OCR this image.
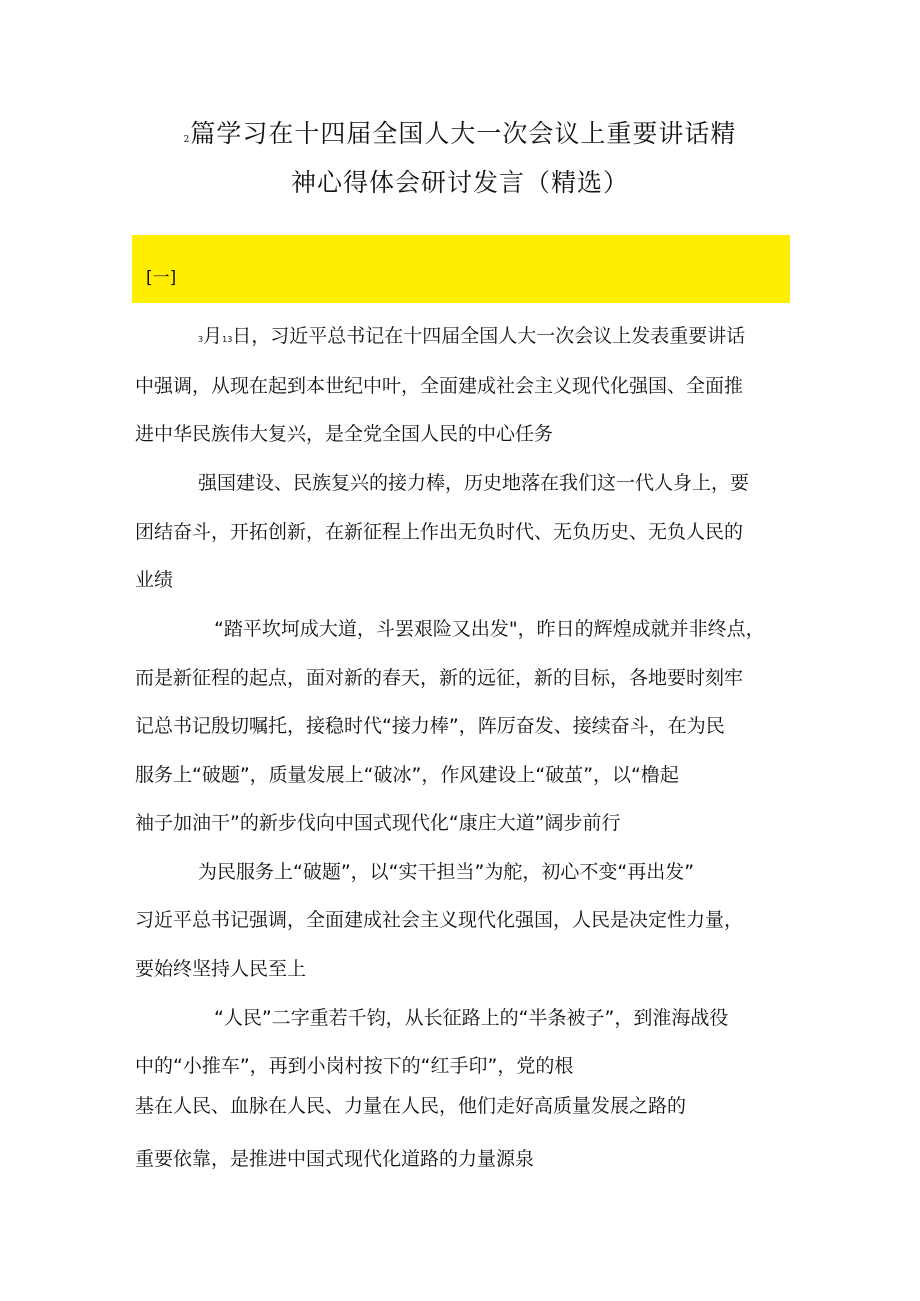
2篇学习在十四届全国人大一次会议上重要讲话精
神心得体会研讨发言（精选）
[一]
3月13日，习近平总书记在十四届全国人大一次会议上发表重要讲话
中强调，从现在起到本世纪中叶，全面建成社会主义现代化强国、全面推
进中华民族伟大复兴，是全党全国人民的中心任务
强国建设、民族复兴的接力棒，历史地落在我们这一代人身上，要
团结奋斗，开拓创新，在新征程上作出无负时代、无负历史、无负人民的
业绩
“踏平坎坷成大道，斗罢艰险又出发"，昨日的辉煌成就并非终点，
而是新征程的起点，面对新的春天，新的远征，新的目标，各地要时刻牢
记总书记殷切嘱托，接稳时代“接力棒”，阵厉奋发、接续奋斗，在为民
服务上“破题”，质量发展上“破冰”，作风建设上“破茧”，以“橹起
袖子加油干”的新步伐向中国式现代化“康庄大道”阔步前行
为民服务上“破题”，以“实干担当”为舵，初心不变“再出发”
习近平总书记强调，全面建成社会主义现代化强国，人民是决定性力量，
要始终坚持人民至上
“人民”二字重若千钧，从长征路上的“半条被子”，到淮海战役
中的“小推车”，再到小岗村按下的“红手印”，党的根
基在人民、血脉在人民、力量在人民，他们走好高质量发展之路的
重要依靠，是推进中国式现代化道路的力量源泉
